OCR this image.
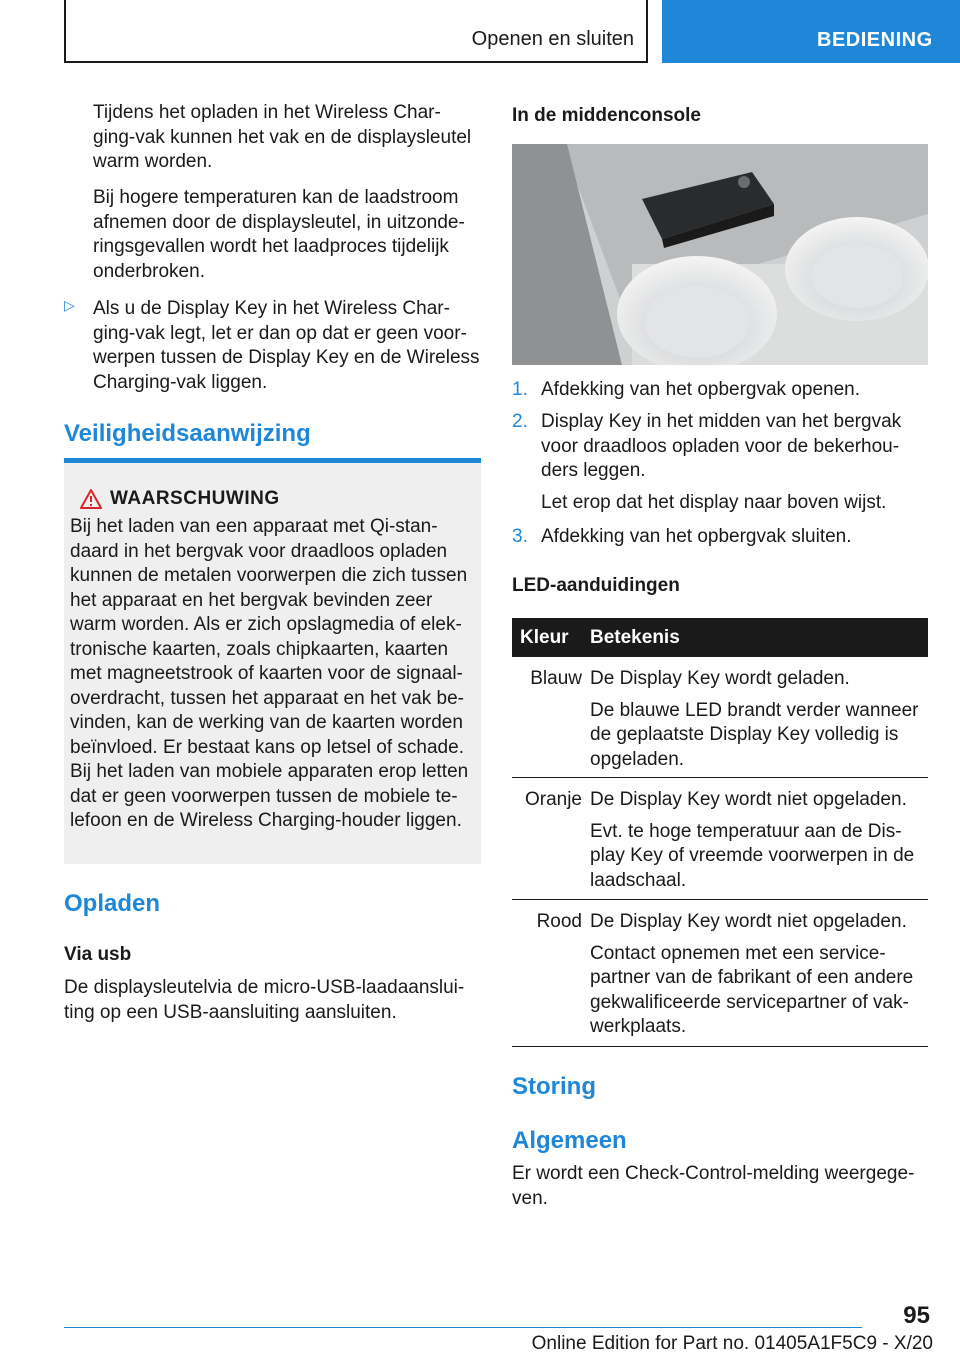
Openen en sluiten	BEDIENING

Tijdens het opladen in het Wireless Char-ging-vak kunnen het vak en de displaysleutel warm worden.

Bij hogere temperaturen kan de laadstroom afnemen door de displaysleutel, in uitzonde-ringsgevallen wordt het laadproces tijdelijk onderbroken.

▷ Als u de Display Key in het Wireless Char-ging-vak legt, let er dan op dat er geen voor-werpen tussen de Display Key en de Wireless Charging-vak liggen.

Veiligheidsaanwijzing
WAARSCHUWING

Bij het laden van een apparaat met Qi-stan-daard in het bergvak voor draadloos opladen kunnen de metalen voorwerpen die zich tussen het apparaat en het bergvak bevinden zeer warm worden. Als er zich opslagmedia of elek-tronische kaarten, zoals chipkaarten, kaarten met magneetstrook of kaarten voor de signaal-overdracht, tussen het apparaat en het vak be-vinden, kan de werking van de kaarten worden beïnvloed. Er bestaat kans op letsel of schade. Bij het laden van mobiele apparaten erop letten dat er geen voorwerpen tussen de mobiele te-lefoon en de Wireless Charging-houder liggen.

Opladen
Via usb

De displaysleutelvia de micro-USB-laadaanslui-ting op een USB-aansluiting aansluiten.

In de middenconsole
1. Afdekking van het opbergvak openen.

2. Display Key in het midden van het bergvak voor draadloos opladen voor de bekerhou-ders leggen.

Let erop dat het display naar boven wijst.

3. Afdekking van het opbergvak sluiten.

LED-aanduidingen
Kleur Betekenis
Blauw De Display Key wordt geladen.

De blauwe LED brandt verder wanneer de geplaatste Display Key volledig is opgeladen.

Oranje De Display Key wordt niet opgeladen.

Evt. te hoge temperatuur aan de Dis-play Key of vreemde voorwerpen in de laadschaal.

Rood De Display Key wordt niet opgeladen.

Contact opnemen met een service-partner van de fabrikant of een andere gekwalificeerde servicepartner of vak-werkplaats.

Storing
Algemeen

Er wordt een Check-Control-melding weergege-ven.

95
Online Edition for Part no. 01405A1F5C9 - X/20
